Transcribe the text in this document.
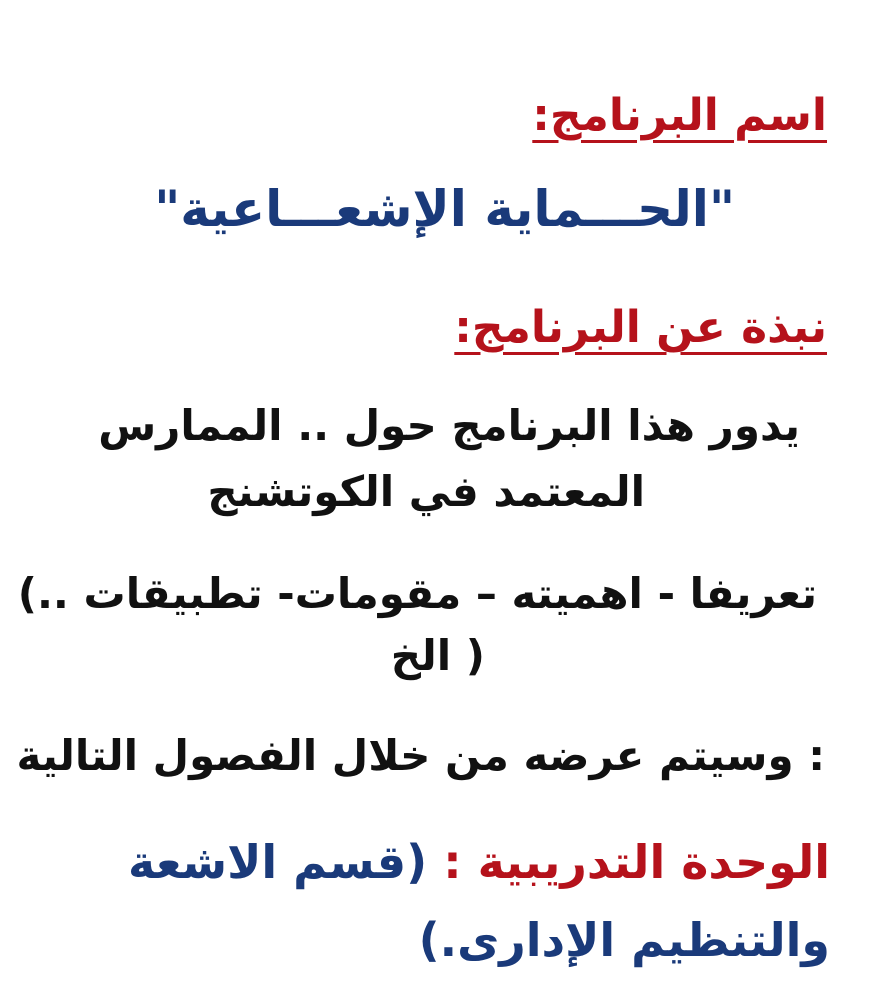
اسم البرنامج:
"الحـــماية الإشعـــاعية"
نبذة عن البرنامج:
يدور هذا البرنامج حول .. الممارس
المعتمد في الكوتشنج
تعريفا - اهميته – مقومات- تطبيقات ..)
( الخ
: وسيتم عرضه من خلال الفصول التالية
الوحدة التدريبية : (قسم الاشعة
والتنظيم الإدارى.)
